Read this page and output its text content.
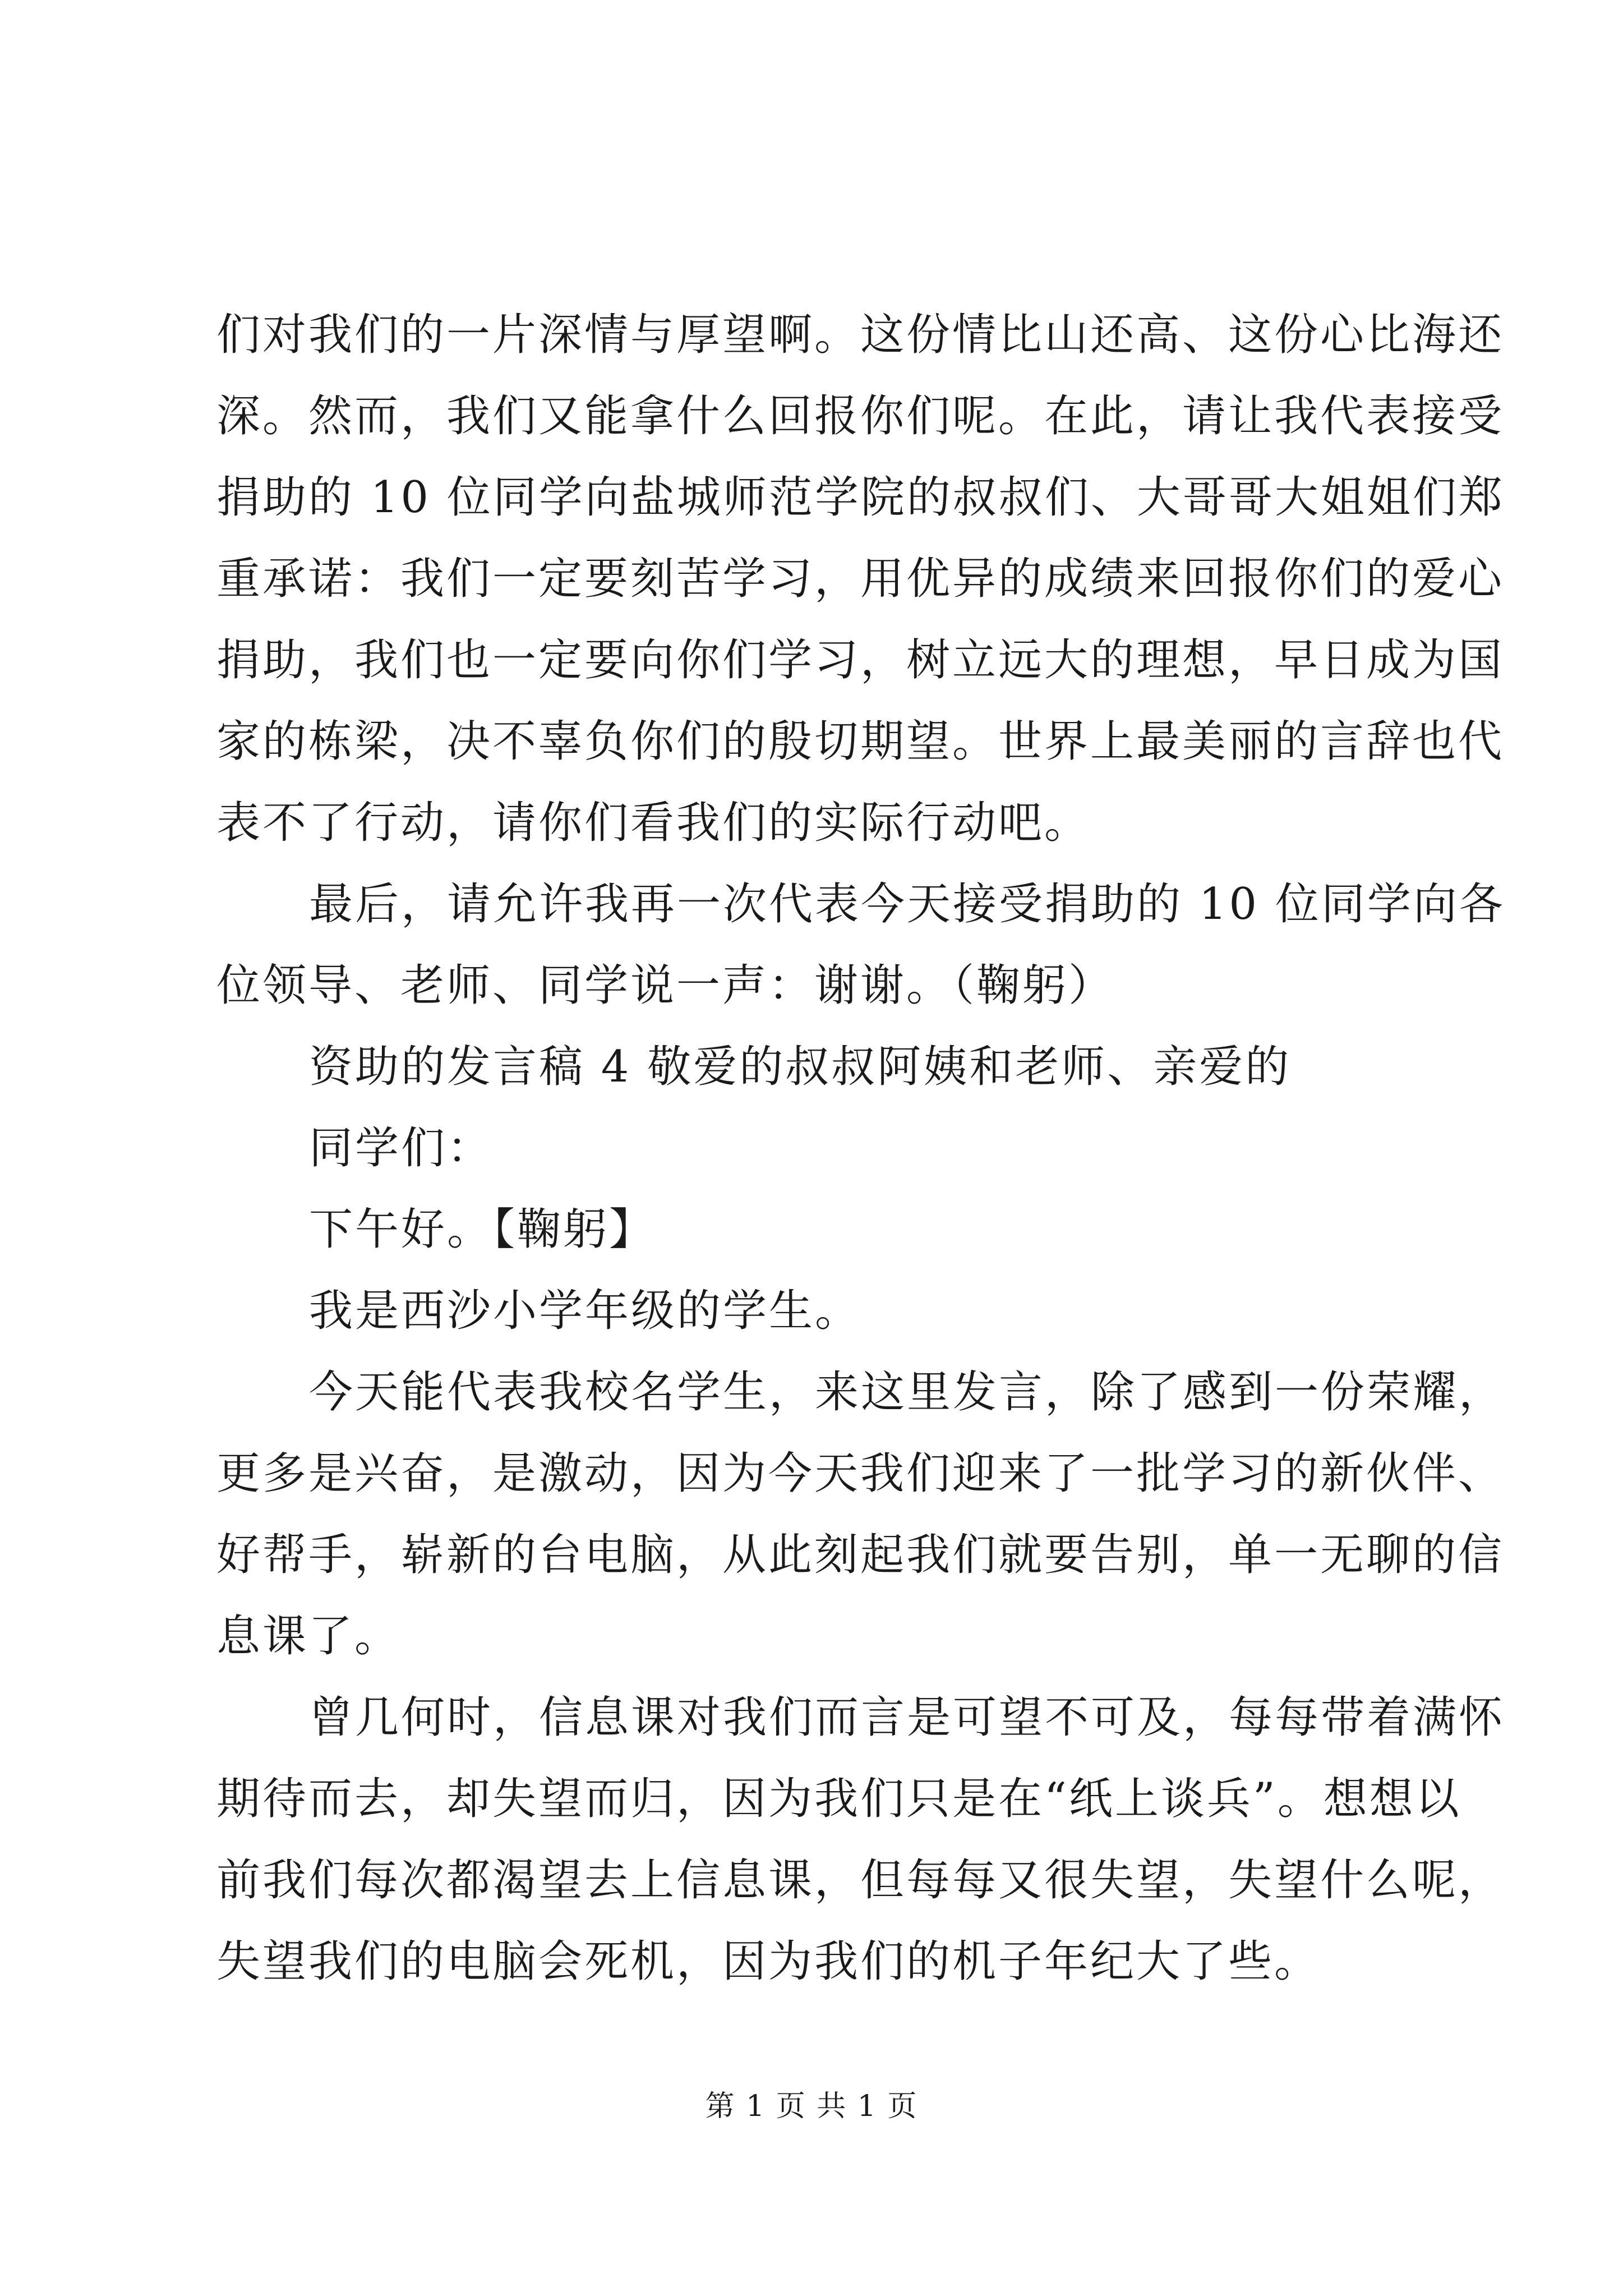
们对我们的一片深情与厚望啊。这份情比山还高、这份心比海还
深。然而，我们又能拿什么回报你们呢。在此，请让我代表接受
捐助的 10 位同学向盐城师范学院的叔叔们、大哥哥大姐姐们郑
重承诺：我们一定要刻苦学习，用优异的成绩来回报你们的爱心
捐助，我们也一定要向你们学习，树立远大的理想，早日成为国
家的栋梁，决不辜负你们的殷切期望。世界上最美丽的言辞也代
表不了行动，请你们看我们的实际行动吧。
最后，请允许我再一次代表今天接受捐助的 10 位同学向各
位领导、老师、同学说一声：谢谢。（鞠躬）
资助的发言稿 4 敬爱的叔叔阿姨和老师、亲爱的
同学们：
下午好。【鞠躬】
我是西沙小学年级的学生。
今天能代表我校名学生，来这里发言，除了感到一份荣耀，
更多是兴奋，是激动，因为今天我们迎来了一批学习的新伙伴、
好帮手，崭新的台电脑，从此刻起我们就要告别，单一无聊的信
息课了。
曾几何时，信息课对我们而言是可望不可及，每每带着满怀
期待而去，却失望而归，因为我们只是在“纸上谈兵”。想想以
前我们每次都渴望去上信息课，但每每又很失望，失望什么呢，
失望我们的电脑会死机，因为我们的机子年纪大了些。
第 1 页 共 1 页
